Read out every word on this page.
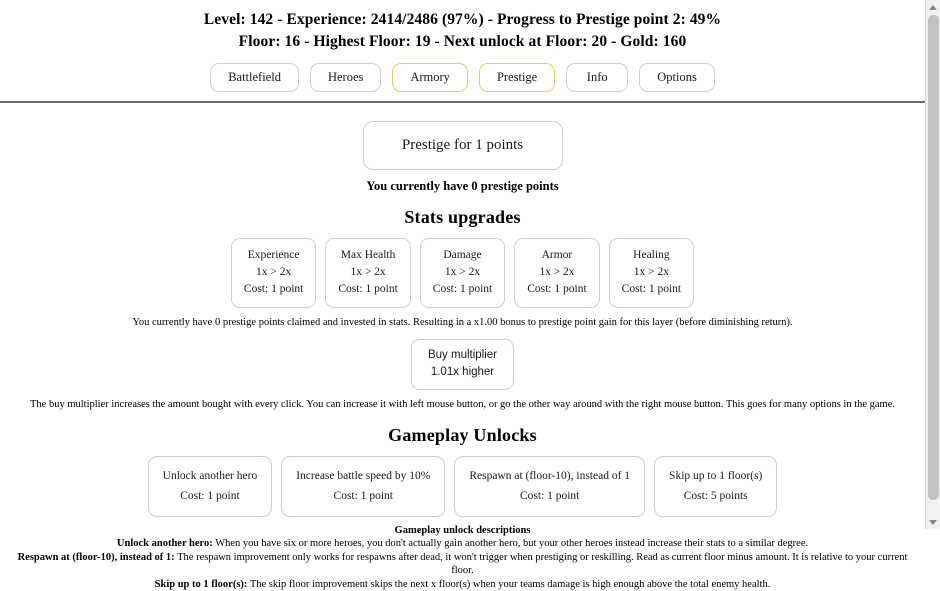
Level: 142 - Experience: 2414/2486 (97%) - Progress to Prestige point 2: 49%
Floor: 16 - Highest Floor: 19 - Next unlock at Floor: 20 - Gold: 160
Battlefield	Heroes	Armory	Prestige	Info	Options
Prestige for 1 points
You currently have 0 prestige points
Stats upgrades
Experience
1x > 2x
Cost: 1 point
Max Health
1x > 2x
Cost: 1 point
Damage
1x > 2x
Cost: 1 point
Armor
1x > 2x
Cost: 1 point
Healing
1x > 2x
Cost: 1 point
You currently have 0 prestige points claimed and invested in stats. Resulting in a x1.00 bonus to prestige point gain for this layer (before diminishing return).
Buy multiplier
1.01x higher
The buy multiplier increases the amount bought with every click. You can increase it with left mouse button, or go the other way around with the right mouse button. This goes for many options in the game.
Gameplay Unlocks
Unlock another hero
Cost: 1 point
Increase battle speed by 10%
Cost: 1 point
Respawn at (floor-10), instead of 1
Cost: 1 point
Skip up to 1 floor(s)
Cost: 5 points
Gameplay unlock descriptions
Unlock another hero: When you have six or more heroes, you don't actually gain another hero, but your other heroes instead increase their stats to a similar degree.
Respawn at (floor-10), instead of 1: The respawn improvement only works for respawns after dead, it won't trigger when prestiging or reskilling. Read as current floor minus amount. It is relative to your current floor.
Skip up to 1 floor(s): The skip floor improvement skips the next x floor(s) when your teams damage is high enough above the total enemy health.
